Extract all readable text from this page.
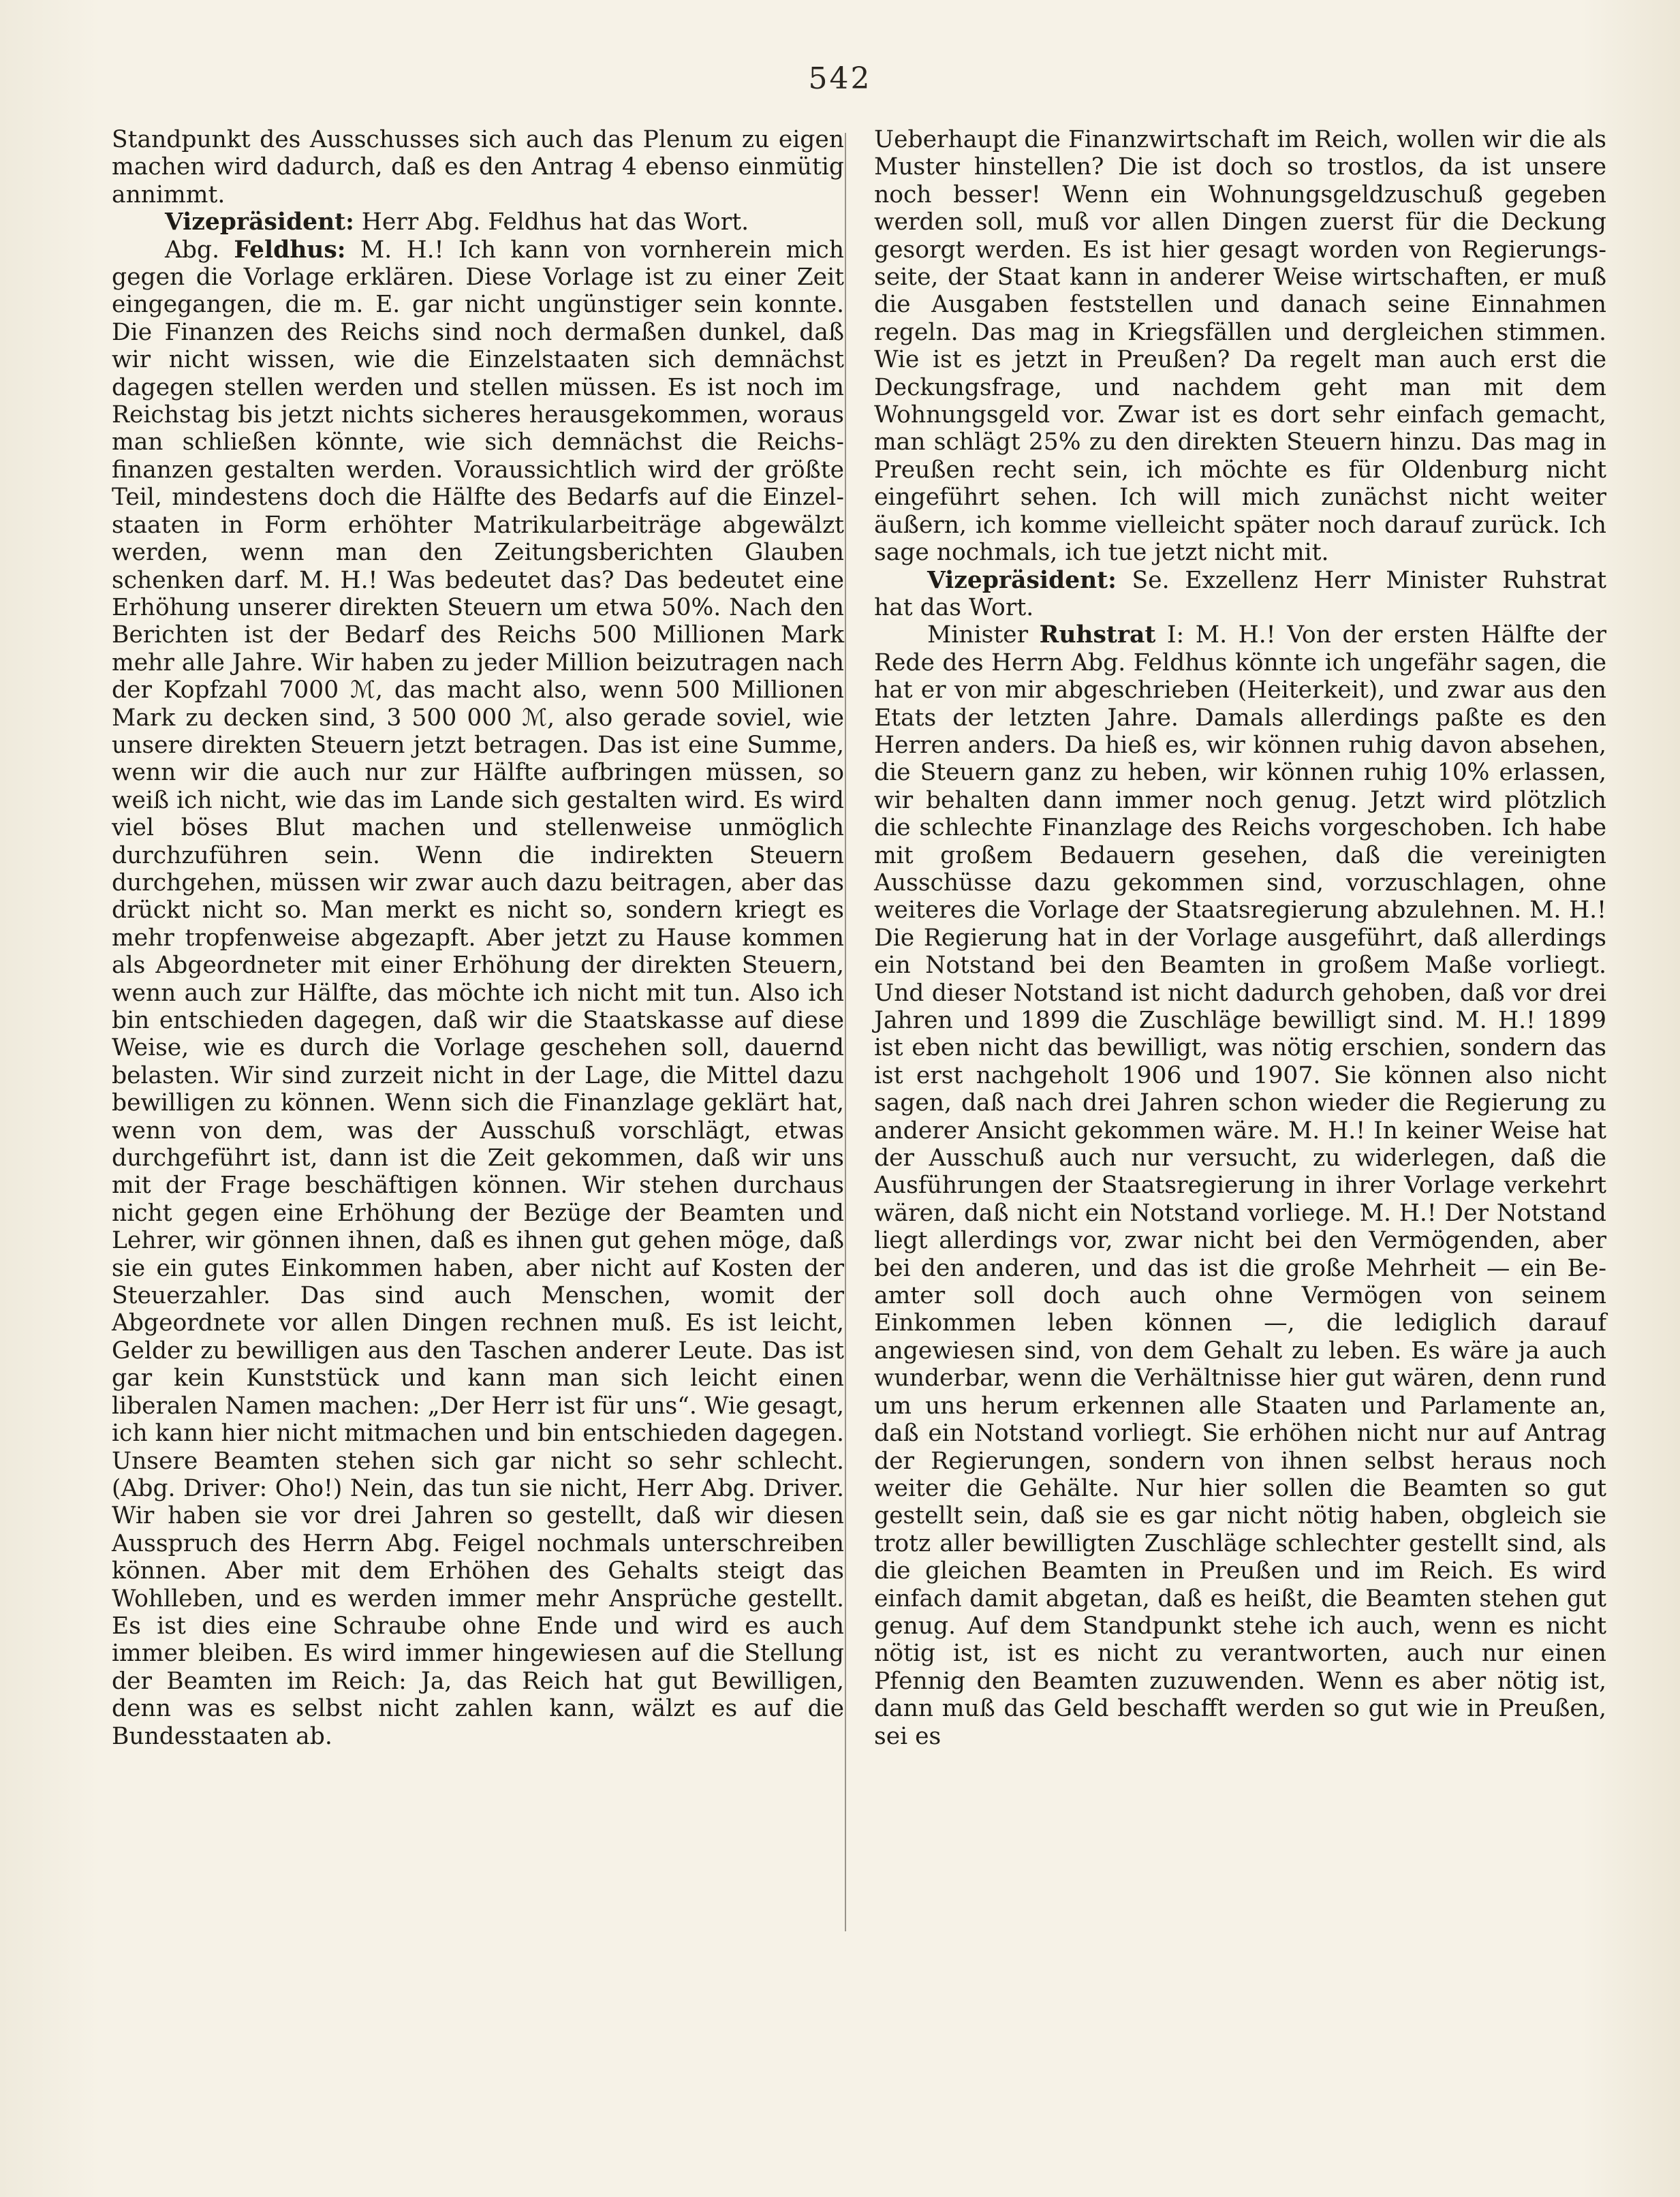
542

Standpunkt des Ausschusses sich auch das Plenum zu eigen machen wird dadurch, daß es den Antrag 4 ebenso einmütig annimmt.

Vizepräsident: Herr Abg. Feldhus hat das Wort.

Abg. Feldhus: M. H.! Ich kann von vornherein mich gegen die Vorlage erklären. Diese Vorlage ist zu einer Zeit eingegangen, die m. E. gar nicht ungünstiger sein konnte. Die Finanzen des Reichs sind noch dermaßen dunkel, daß wir nicht wissen, wie die Einzelstaaten sich demnächst dagegen stellen werden und stellen müssen. Es ist noch im Reichstag bis jetzt nichts sicheres herausgekommen, woraus man schließen könnte, wie sich demnächst die Reichsfinanzen gestalten werden. Voraussichtlich wird der größte Teil, mindestens doch die Hälfte des Bedarfs auf die Einzelstaaten in Form erhöhter Matrikularbeiträge abgewälzt werden, wenn man den Zeitungsberichten Glauben schenken darf. M. H.! Was bedeutet das? Das bedeutet eine Erhöhung unserer direkten Steuern um etwa 50%. Nach den Berichten ist der Bedarf des Reichs 500 Millionen Mark mehr alle Jahre. Wir haben zu jeder Million beizutragen nach der Kopfzahl 7000 ℳ, das macht also, wenn 500 Millionen Mark zu decken sind, 3 500 000 ℳ, also gerade soviel, wie unsere direkten Steuern jetzt betragen. Das ist eine Summe, wenn wir die auch nur zur Hälfte aufbringen müssen, so weiß ich nicht, wie das im Lande sich gestalten wird. Es wird viel böses Blut machen und stellenweise unmöglich durchzuführen sein. Wenn die indirekten Steuern durchgehen, müssen wir zwar auch dazu beitragen, aber das drückt nicht so. Man merkt es nicht so, sondern kriegt es mehr tropfenweise abgezapft. Aber jetzt zu Hause kommen als Abgeordneter mit einer Erhöhung der direkten Steuern, wenn auch zur Hälfte, das möchte ich nicht mit tun. Also ich bin entschieden dagegen, daß wir die Staatskasse auf diese Weise, wie es durch die Vorlage geschehen soll, dauernd belasten. Wir sind zurzeit nicht in der Lage, die Mittel dazu bewilligen zu können. Wenn sich die Finanzlage geklärt hat, wenn von dem, was der Ausschuß vorschlägt, etwas durchgeführt ist, dann ist die Zeit gekommen, daß wir uns mit der Frage beschäftigen können. Wir stehen durchaus nicht gegen eine Erhöhung der Bezüge der Beamten und Lehrer, wir gönnen ihnen, daß es ihnen gut gehen möge, daß sie ein gutes Einkommen haben, aber nicht auf Kosten der Steuerzahler. Das sind auch Menschen, womit der Abgeordnete vor allen Dingen rechnen muß. Es ist leicht, Gelder zu bewilligen aus den Taschen anderer Leute. Das ist gar kein Kunststück und kann man sich leicht einen liberalen Namen machen: „Der Herr ist für uns“. Wie gesagt, ich kann hier nicht mitmachen und bin entschieden dagegen. Unsere Beamten stehen sich gar nicht so sehr schlecht. (Abg. Driver: Oho!) Nein, das tun sie nicht, Herr Abg. Driver. Wir haben sie vor drei Jahren so gestellt, daß wir diesen Ausspruch des Herrn Abg. Feigel nochmals unterschreiben können. Aber mit dem Erhöhen des Gehalts steigt das Wohlleben, und es werden immer mehr Ansprüche gestellt. Es ist dies eine Schraube ohne Ende und wird es auch immer bleiben. Es wird immer hingewiesen auf die Stellung der Beamten im Reich: Ja, das Reich hat gut Bewilligen, denn was es selbst nicht zahlen kann, wälzt es auf die Bundesstaaten ab.

Ueberhaupt die Finanzwirtschaft im Reich, wollen wir die als Muster hinstellen? Die ist doch so trostlos, da ist unsere noch besser! Wenn ein Wohnungsgeldzuschuß gegeben werden soll, muß vor allen Dingen zuerst für die Deckung gesorgt werden. Es ist hier gesagt worden von Regierungsseite, der Staat kann in anderer Weise wirtschaften, er muß die Ausgaben feststellen und danach seine Einnahmen regeln. Das mag in Kriegsfällen und dergleichen stimmen. Wie ist es jetzt in Preußen? Da regelt man auch erst die Deckungsfrage, und nachdem geht man mit dem Wohnungsgeld vor. Zwar ist es dort sehr einfach gemacht, man schlägt 25% zu den direkten Steuern hinzu. Das mag in Preußen recht sein, ich möchte es für Oldenburg nicht eingeführt sehen. Ich will mich zunächst nicht weiter äußern, ich komme vielleicht später noch darauf zurück. Ich sage nochmals, ich tue jetzt nicht mit.

Vizepräsident: Se. Exzellenz Herr Minister Ruhstrat hat das Wort.

Minister Ruhstrat I: M. H.! Von der ersten Hälfte der Rede des Herrn Abg. Feldhus könnte ich ungefähr sagen, die hat er von mir abgeschrieben (Heiterkeit), und zwar aus den Etats der letzten Jahre. Damals allerdings paßte es den Herren anders. Da hieß es, wir können ruhig davon absehen, die Steuern ganz zu heben, wir können ruhig 10% erlassen, wir behalten dann immer noch genug. Jetzt wird plötzlich die schlechte Finanzlage des Reichs vorgeschoben. Ich habe mit großem Bedauern gesehen, daß die vereinigten Ausschüsse dazu gekommen sind, vorzuschlagen, ohne weiteres die Vorlage der Staatsregierung abzulehnen. M. H.! Die Regierung hat in der Vorlage ausgeführt, daß allerdings ein Notstand bei den Beamten in großem Maße vorliegt. Und dieser Notstand ist nicht dadurch gehoben, daß vor drei Jahren und 1899 die Zuschläge bewilligt sind. M. H.! 1899 ist eben nicht das bewilligt, was nötig erschien, sondern das ist erst nachgeholt 1906 und 1907. Sie können also nicht sagen, daß nach drei Jahren schon wieder die Regierung zu anderer Ansicht gekommen wäre. M. H.! In keiner Weise hat der Ausschuß auch nur versucht, zu widerlegen, daß die Ausführungen der Staatsregierung in ihrer Vorlage verkehrt wären, daß nicht ein Notstand vorliege. M. H.! Der Notstand liegt allerdings vor, zwar nicht bei den Vermögenden, aber bei den anderen, und das ist die große Mehrheit — ein Beamter soll doch auch ohne Vermögen von seinem Einkommen leben können —, die lediglich darauf angewiesen sind, von dem Gehalt zu leben. Es wäre ja auch wunderbar, wenn die Verhältnisse hier gut wären, denn rund um uns herum erkennen alle Staaten und Parlamente an, daß ein Notstand vorliegt. Sie erhöhen nicht nur auf Antrag der Regierungen, sondern von ihnen selbst heraus noch weiter die Gehälte. Nur hier sollen die Beamten so gut gestellt sein, daß sie es gar nicht nötig haben, obgleich sie trotz aller bewilligten Zuschläge schlechter gestellt sind, als die gleichen Beamten in Preußen und im Reich. Es wird einfach damit abgetan, daß es heißt, die Beamten stehen gut genug. Auf dem Standpunkt stehe ich auch, wenn es nicht nötig ist, ist es nicht zu verantworten, auch nur einen Pfennig den Beamten zuzuwenden. Wenn es aber nötig ist, dann muß das Geld beschafft werden so gut wie in Preußen, sei es
